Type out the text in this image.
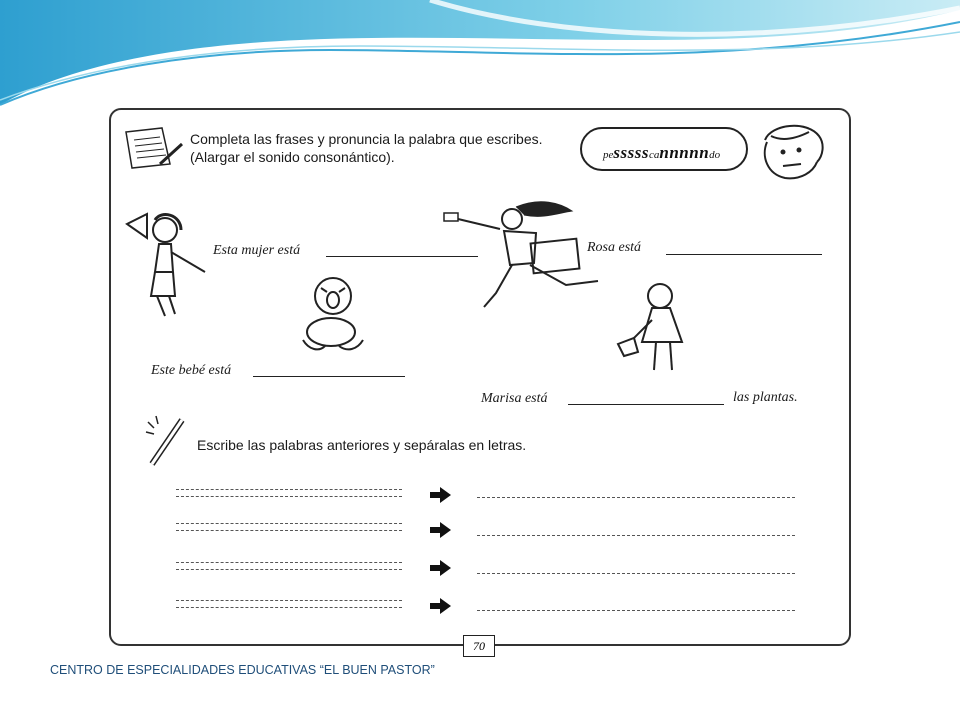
Completa las frases y pronuncia la palabra que escribes.
(Alargar el sonido consonántico).	pessssscannnnndo
Esta mujer está	Rosa está
Este bebé está
Marisa está	las plantas.
Escribe las palabras anteriores y sepáralas en letras.
70
CENTRO DE ESPECIALIDADES EDUCATIVAS “EL BUEN PASTOR”
